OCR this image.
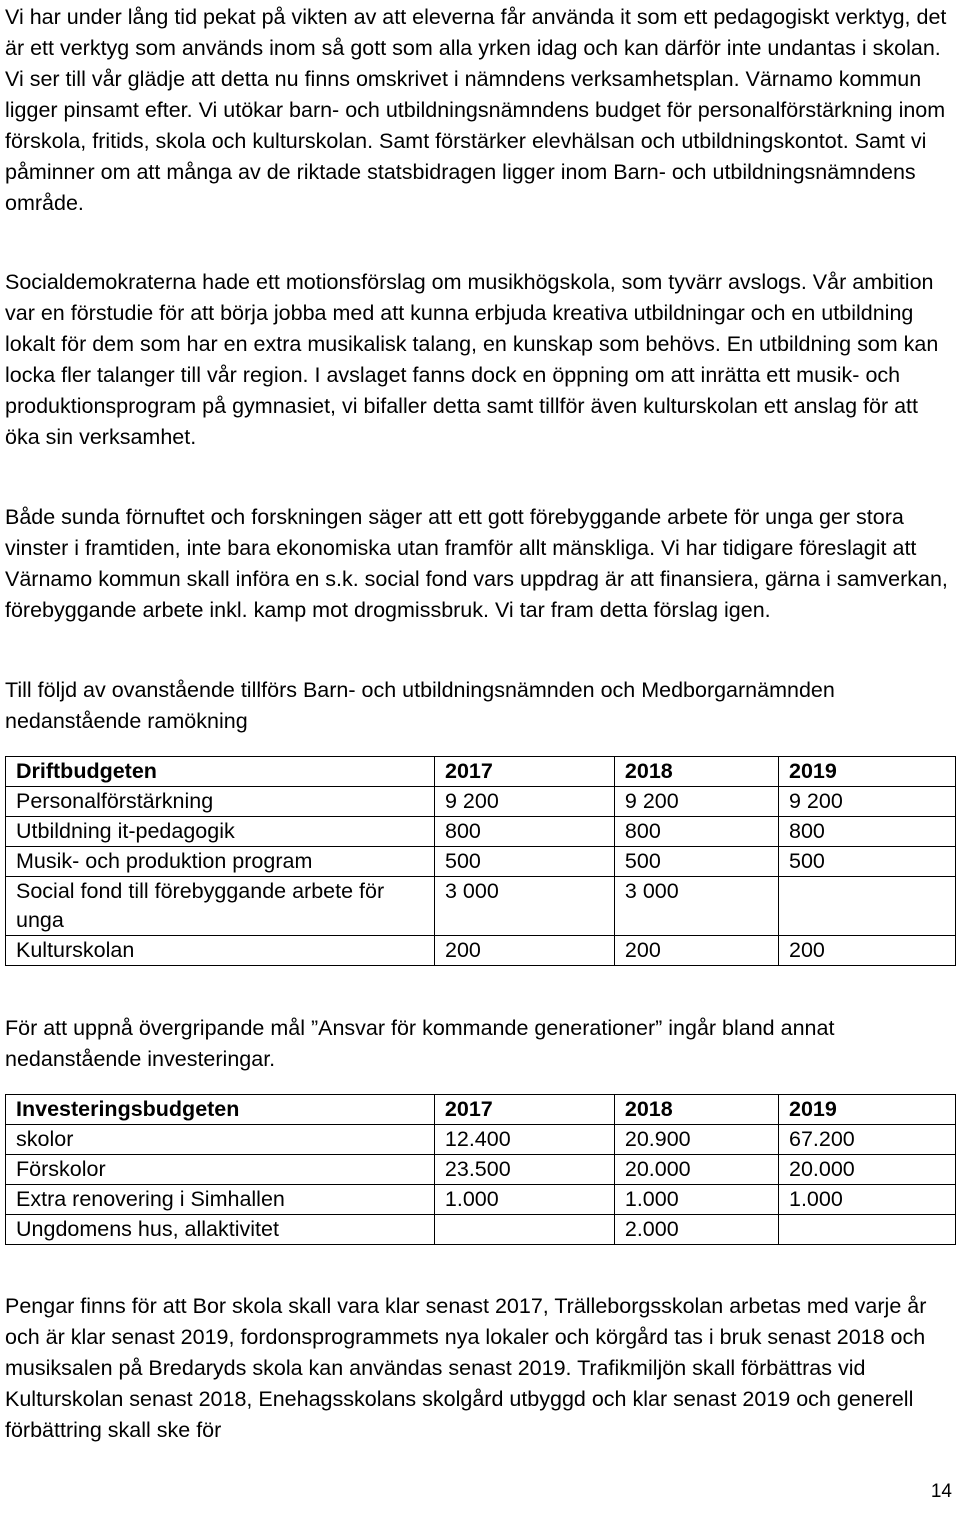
Vi har under lång tid pekat på vikten av att eleverna får använda it som ett pedagogiskt verktyg, det är ett verktyg som används inom så gott som alla yrken idag och kan därför inte undantas i skolan. Vi ser till vår glädje att detta nu finns omskrivet i nämndens verksamhetsplan. Värnamo kommun ligger pinsamt efter. Vi utökar barn- och utbildningsnämndens budget för personalförstärkning inom förskola, fritids, skola och kulturskolan. Samt förstärker elevhälsan och utbildningskontot. Samt vi påminner om att många av de riktade statsbidragen ligger inom Barn- och utbildningsnämndens område.

Socialdemokraterna hade ett motionsförslag om musikhögskola, som tyvärr avslogs. Vår ambition var en förstudie för att börja jobba med att kunna erbjuda kreativa utbildningar och en utbildning lokalt för dem som har en extra musikalisk talang, en kunskap som behövs. En utbildning som kan locka fler talanger till vår region. I avslaget fanns dock en öppning om att inrätta ett musik- och produktionsprogram på gymnasiet, vi bifaller detta samt tillför även kulturskolan ett anslag för att öka sin verksamhet.

Både sunda förnuftet och forskningen säger att ett gott förebyggande arbete för unga ger stora vinster i framtiden, inte bara ekonomiska utan framför allt mänskliga. Vi har tidigare föreslagit att Värnamo kommun skall införa en s.k. social fond vars uppdrag är att finansiera, gärna i samverkan, förebyggande arbete inkl. kamp mot drogmissbruk. Vi tar fram detta förslag igen.

Till följd av ovanstående tillförs Barn- och utbildningsnämnden och Medborgarnämnden nedanstående ramökning

Driftbudgeten	2017	2018	2019
Personalförstärkning	9 200	9 200	9 200
Utbildning it-pedagogik	800	800	800
Musik- och produktion program	500	500	500
Social fond till förebyggande arbete för unga	3 000	3 000	
Kulturskolan	200	200	200

För att uppnå övergripande mål ”Ansvar för kommande generationer” ingår bland annat nedanstående investeringar.

Investeringsbudgeten	2017	2018	2019
skolor	12.400	20.900	67.200
Förskolor	23.500	20.000	20.000
Extra renovering i Simhallen	1.000	1.000	1.000
Ungdomens hus, allaktivitet		2.000	

Pengar finns för att Bor skola skall vara klar senast 2017, Trälleborgsskolan arbetas med varje år och är klar senast 2019, fordonsprogrammets nya lokaler och körgård tas i bruk senast 2018 och musiksalen på Bredaryds skola kan användas senast 2019. Trafikmiljön skall förbättras vid Kulturskolan senast 2018, Enehagsskolans skolgård utbyggd och klar senast 2019 och generell förbättring skall ske för

14
